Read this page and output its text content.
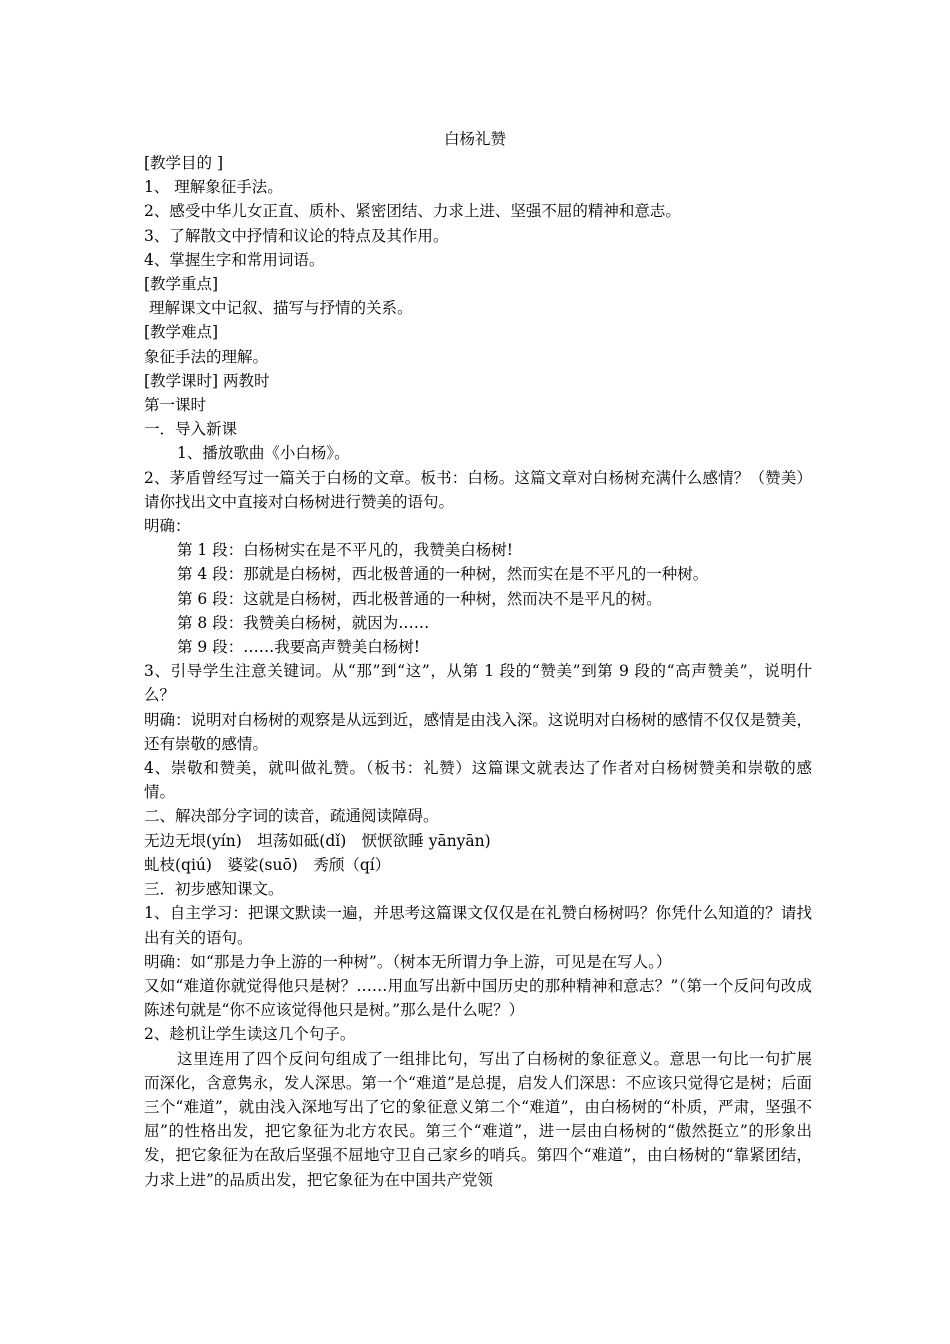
白杨礼赞
[教学目的 ]
1、 理解象征手法。
2、感受中华儿女正直、质朴、紧密团结、力求上进、坚强不屈的精神和意志。
3、了解散文中抒情和议论的特点及其作用。
4、掌握生字和常用词语。
[教学重点]
理解课文中记叙、描写与抒情的关系。
[教学难点]
象征手法的理解。
[教学课时] 两教时
第一课时
一．导入新课
1、播放歌曲《小白杨》。
2、茅盾曾经写过一篇关于白杨的文章。板书：白杨。这篇文章对白杨树充满什么感情？（赞美）请你找出文中直接对白杨树进行赞美的语句。
明确：
第 1 段：白杨树实在是不平凡的，我赞美白杨树!
第 4 段：那就是白杨树，西北极普通的一种树，然而实在是不平凡的一种树。
第 6 段：这就是白杨树，西北极普通的一种树，然而决不是平凡的树。
第 8 段：我赞美白杨树，就因为……
第 9 段：……我要高声赞美白杨树!
3、引导学生注意关键词。从“那”到“这”，从第 1 段的“赞美”到第 9 段的“高声赞美”，说明什么？
明确：说明对白杨树的观察是从远到近，感情是由浅入深。这说明对白杨树的感情不仅仅是赞美，还有崇敬的感情。
4、崇敬和赞美，就叫做礼赞。（板书：礼赞）这篇课文就表达了作者对白杨树赞美和崇敬的感情。
二、解决部分字词的读音，疏通阅读障碍。
无边无垠(yín)　坦荡如砥(dǐ)　恹恹欲睡 yānyān)
虬枝(qiú)　婆娑(suō)　秀颀（qí）
三．初步感知课文。
1、自主学习：把课文默读一遍，并思考这篇课文仅仅是在礼赞白杨树吗？你凭什么知道的？请找出有关的语句。
明确：如“那是力争上游的一种树”。（树本无所谓力争上游，可见是在写人。）
又如“难道你就觉得他只是树？……用血写出新中国历史的那种精神和意志？”（第一个反问句改成陈述句就是“你不应该觉得他只是树。”那么是什么呢？）
2、趁机让学生读这几个句子。
这里连用了四个反问句组成了一组排比句，写出了白杨树的象征意义。意思一句比一句扩展而深化，含意隽永，发人深思。第一个“难道”是总提，启发人们深思：不应该只觉得它是树；后面三个“难道”，就由浅入深地写出了它的象征意义第二个“难道”，由白杨树的“朴质，严肃，坚强不屈”的性格出发，把它象征为北方农民。第三个“难道”，进一层由白杨树的“傲然挺立”的形象出发，把它象征为在敌后坚强不屈地守卫自己家乡的哨兵。第四个“难道”，由白杨树的“靠紧团结，力求上进”的品质出发，把它象征为在中国共产党领
